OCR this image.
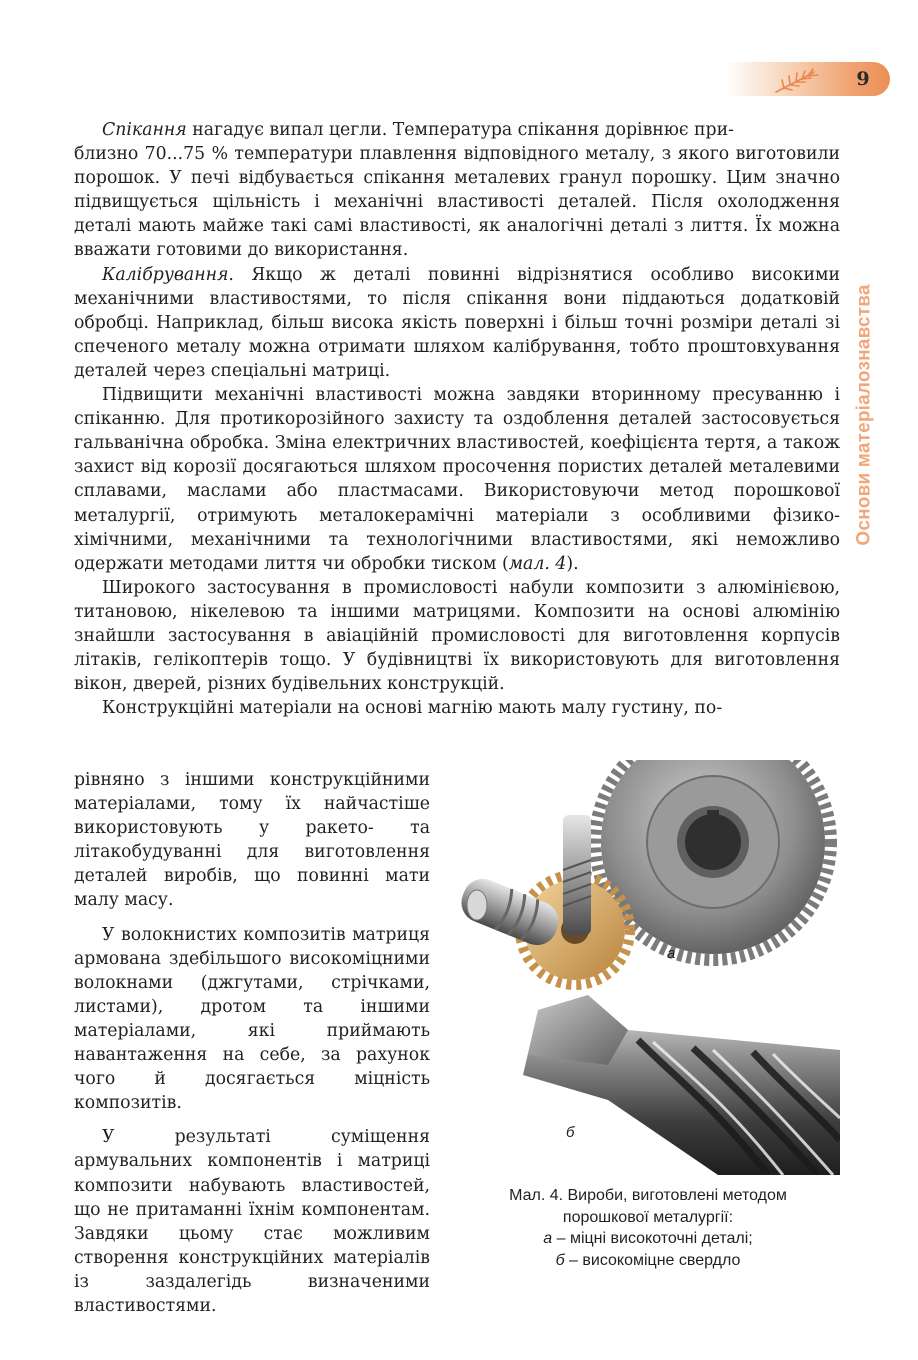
9
Основи матеріалознавства

Спікання нагадує випал цегли. Температура спікання дорівнює при-

близно 70...75 % температури плавлення відповідного металу, з якого виготовили порошок. У печі відбувається спікання металевих гранул порошку. Цим значно підвищується щільність і механічні властивості деталей. Після охолодження деталі мають майже такі самі властивості, як аналогічні деталі з лиття. Їх можна вважати готовими до використання.

Калібрування. Якщо ж деталі повинні відрізнятися особливо високими механічними властивостями, то після спікання вони піддаються додатковій обробці. Наприклад, більш висока якість поверхні і більш точні розміри деталі зі спеченого металу можна отримати шляхом калібрування, тобто проштовхування деталей через спеціальні матриці.

Підвищити механічні властивості можна завдяки вторинному пресуванню і спіканню. Для протикорозійного захисту та оздоблення деталей застосовується гальванічна обробка. Зміна електричних властивостей, коефіцієнта тертя, а також захист від корозії досягаються шляхом просочення пористих деталей металевими сплавами, маслами або пластмасами. Використовуючи метод порошкової металургії, отримують металокерамічні матеріали з особливими фізико-хімічними, механічними та технологічними властивостями, які неможливо одержати методами лиття чи обробки тиском (мал. 4).

Широкого застосування в промисловості набули композити з алюмінієвою, титановою, нікелевою та іншими матрицями. Композити на основі алюмінію знайшли застосування в авіаційній промисловості для виготовлення корпусів літаків, гелікоптерів тощо. У будівництві їх використовують для виготовлення вікон, дверей, різних будівельних конструкцій.

Конструкційні матеріали на основі магнію мають малу густину, по-

рівняно з іншими конструкційними матеріалами, тому їх найчастіше використовують у ракето- та літакобудуванні для виготовлення деталей виробів, що повинні мати малу масу.

У волокнистих композитів матриця армована здебільшого високоміцними волокнами (джгутами, стрічками, листами), дротом та іншими матеріалами, які приймають навантаження на себе, за рахунок чого й досягається міцність композитів.

У результаті суміщення армувальних компонентів і матриці композити набувають властивостей, що не притаманні їхнім компонентам. Завдяки цьому стає можливим створення конструкційних матеріалів із заздалегідь визначеними властивостями.

а
б
Мал. 4. Вироби, виготовлені методом
порошкової металургії:
а – міцні високоточні деталі;
б – високоміцне свердло
